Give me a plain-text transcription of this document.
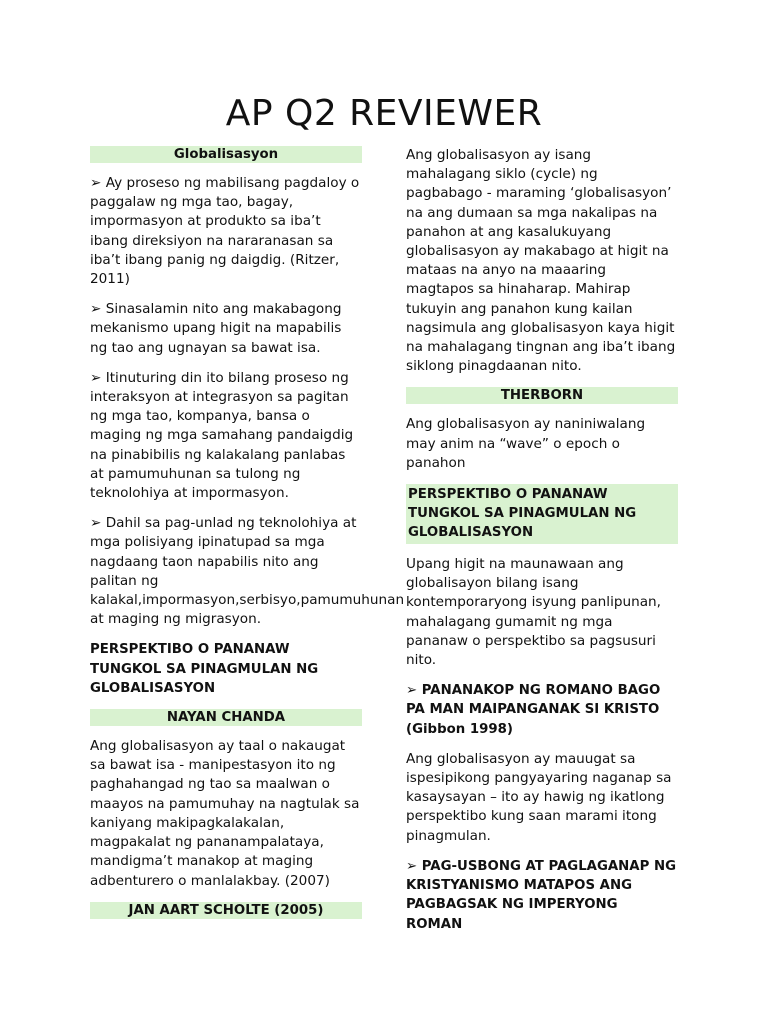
AP Q2 REVIEWER
Globalisasyon

➢ Ay proseso ng mabilisang pagdaloy o paggalaw ng mga tao, bagay, impormasyon at produkto sa iba’t ibang direksiyon na nararanasan sa iba’t ibang panig ng daigdig. (Ritzer, 2011)

➢ Sinasalamin nito ang makabagong mekanismo upang higit na mapabilis ng tao ang ugnayan sa bawat isa.

➢ Itinuturing din ito bilang proseso ng interaksyon at integrasyon sa pagitan ng mga tao, kompanya, bansa o maging ng mga samahang pandaigdig na pinabibilis ng kalakalang panlabas at pamumuhunan sa tulong ng teknolohiya at impormasyon.

➢ Dahil sa pag-unlad ng teknolohiya at mga polisiyang ipinatupad sa mga nagdaang taon napabilis nito ang palitan ng kalakal,impormasyon,serbisyo,pamumuhunan at maging ng migrasyon.

PERSPEKTIBO O PANANAW TUNGKOL SA PINAGMULAN NG GLOBALISASYON

NAYAN CHANDA

Ang globalisasyon ay taal o nakaugat sa bawat isa - manipestasyon ito ng paghahangad ng tao sa maalwan o maayos na pamumuhay na nagtulak sa kaniyang makipagkalakalan, magpakalat ng pananampalataya, mandigma’t manakop at maging adbenturero o manlalakbay. (2007)

JAN AART SCHOLTE (2005)

Ang globalisasyon ay isang mahalagang siklo (cycle) ng pagbabago - maraming ‘globalisasyon’ na ang dumaan sa mga nakalipas na panahon at ang kasalukuyang globalisasyon ay makabago at higit na mataas na anyo na maaaring magtapos sa hinaharap. Mahirap tukuyin ang panahon kung kailan nagsimula ang globalisasyon kaya higit na mahalagang tingnan ang iba’t ibang siklong pinagdaanan nito.

THERBORN

Ang globalisasyon ay naniniwalang may anim na “wave” o epoch o panahon

PERSPEKTIBO O PANANAW TUNGKOL SA PINAGMULAN NG GLOBALISASYON

Upang higit na maunawaan ang globalisayon bilang isang kontemporaryong isyung panlipunan, mahalagang gumamit ng mga pananaw o perspektibo sa pagsusuri nito.

➢ PANANAKOP NG ROMANO BAGO PA MAN MAIPANGANAK SI KRISTO (Gibbon 1998)

Ang globalisasyon ay mauugat sa ispesipikong pangyayaring naganap sa kasaysayan – ito ay hawig ng ikatlong perspektibo kung saan marami itong pinagmulan.

➢ PAG-USBONG AT PAGLAGANAP NG KRISTYANISMO MATAPOS ANG PAGBAGSAK NG IMPERYONG ROMAN
